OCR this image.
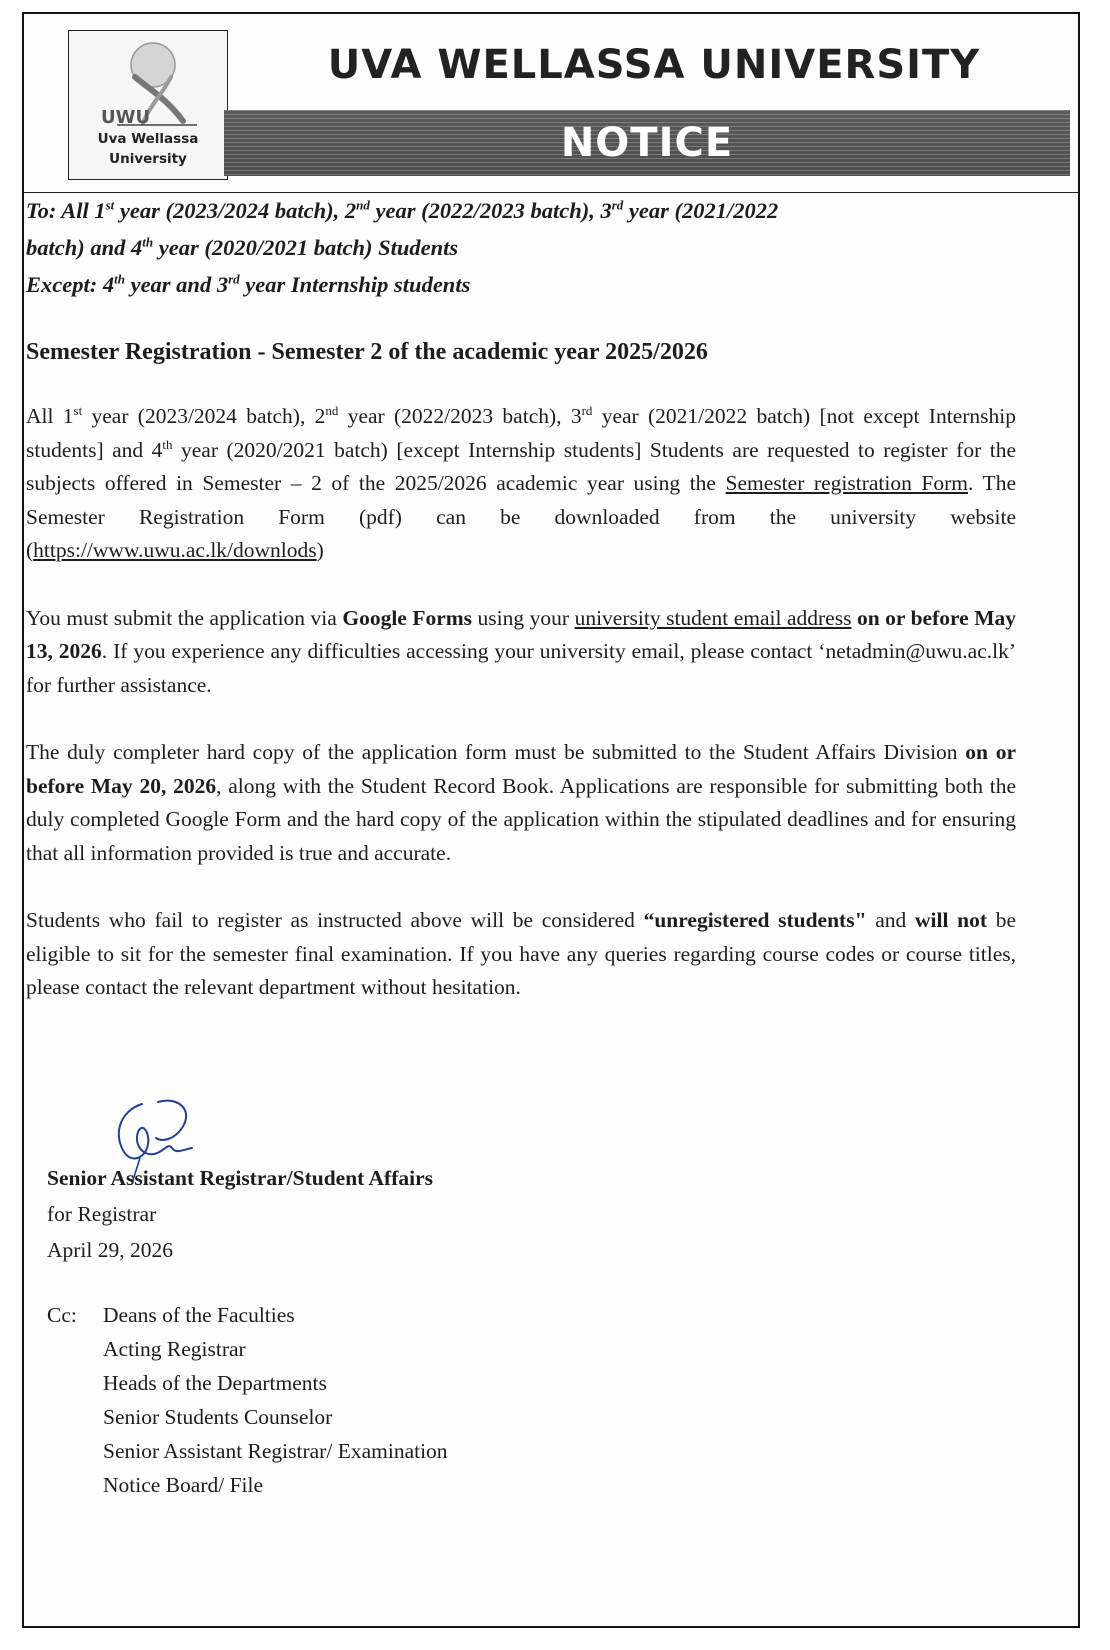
UWU
Uva Wellassa
University
UVA WELLASSA UNIVERSITY
NOTICE

To: All 1st year (2023/2024 batch), 2nd year (2022/2023 batch), 3rd year (2021/2022

batch) and 4th year (2020/2021 batch) Students

Except: 4th year and 3rd year Internship students

Semester Registration - Semester 2 of the academic year 2025/2026

All 1st year (2023/2024 batch), 2nd year (2022/2023 batch), 3rd year (2021/2022 batch) [not except Internship students] and 4th year (2020/2021 batch) [except Internship students] Students are requested to register for the subjects offered in Semester – 2 of the 2025/2026 academic year using the Semester registration Form. The Semester Registration Form (pdf) can be downloaded from the university website (https://www.uwu.ac.lk/downlods)

You must submit the application via Google Forms using your university student email address on or before May 13, 2026. If you experience any difficulties accessing your university email, please contact ‘netadmin@uwu.ac.lk’ for further assistance.

The duly completer hard copy of the application form must be submitted to the Student Affairs Division on or before May 20, 2026, along with the Student Record Book. Applications are responsible for submitting both the duly completed Google Form and the hard copy of the application within the stipulated deadlines and for ensuring that all information provided is true and accurate.

Students who fail to register as instructed above will be considered “unregistered students" and will not be eligible to sit for the semester final examination. If you have any queries regarding course codes or course titles, please contact the relevant department without hesitation.

Senior Assistant Registrar/Student Affairs
for Registrar
April 29, 2026
Cc:	Deans of the Faculties
Acting Registrar
Heads of the Departments
Senior Students Counselor
Senior Assistant Registrar/ Examination
Notice Board/ File
